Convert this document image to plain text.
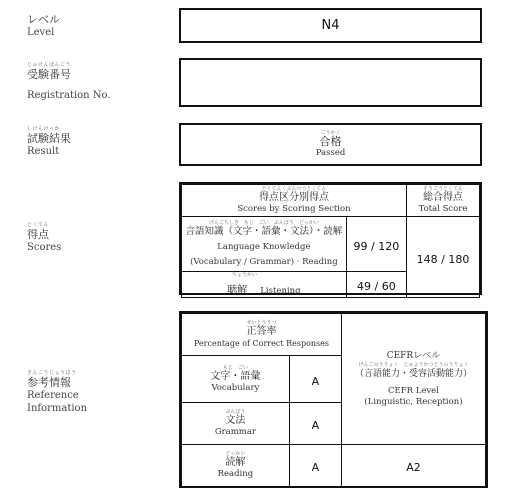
レベル
Level
じゅけんばんごう
受験番号
Registration No.
しけんけっか
試験結果
Result
とくてん
得点
Scores
さんこうじょうほう
参考情報
Reference
Information
N4
ごうかく
合格
Passed
とくてんくぶんべつとくてん
得点区分別得点
Scores by Scoring Section		そうごうとくてん
総合得点
Total Score

げんごちしき　もじ　ごい　ぶんぽう　どっかい
言語知識（文字・語彙・文法）・読解
Language Knowledge
(Vocabulary / Grammar) · Reading	99 / 120	148 / 180

ちょうかい
聴解 Listening	49 / 60	
せいとうりつ
正答率
Percentage of Correct Responses		CEFRレベル
げんごのうりょく　じゅようかつどうのうりょく
（言語能力・受容活動能力）
CEFR Level
(Linguistic, Reception)

もじ　ごい
文字・語彙
Vocabulary	A	

ぶんぽう
文法
Grammar	A	

どっかい
読解
Reading	A	A2
